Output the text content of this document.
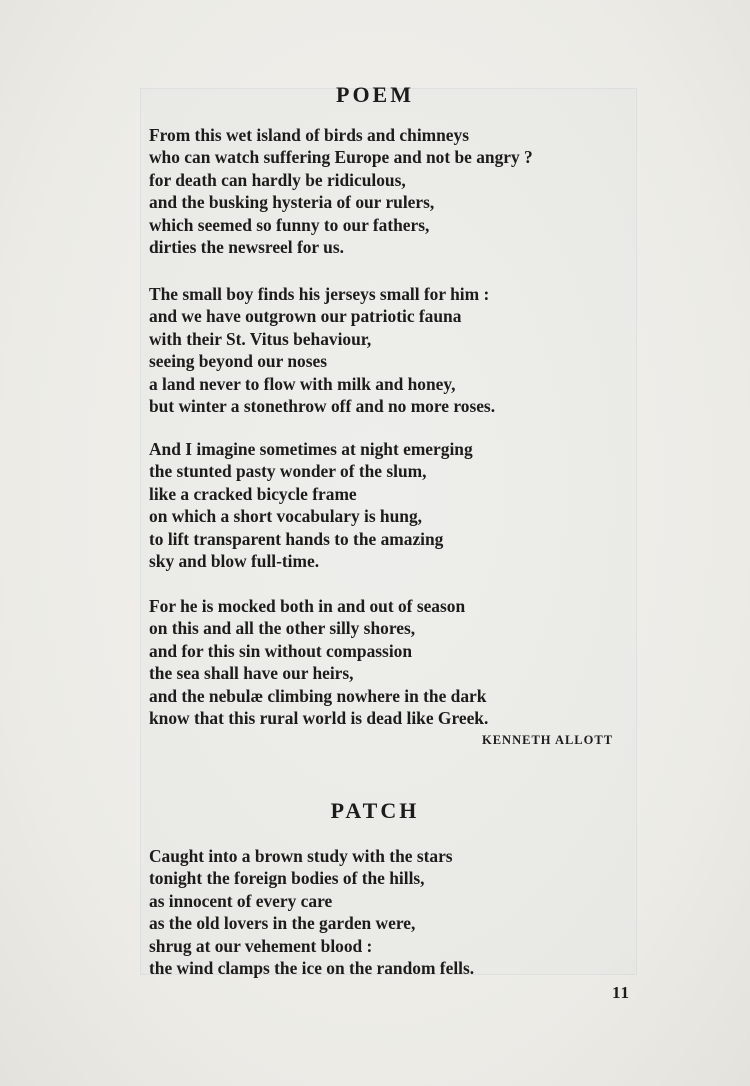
POEM
From this wet island of birds and chimneys
who can watch suffering Europe and not be angry ?
for death can hardly be ridiculous,
and the busking hysteria of our rulers,
which seemed so funny to our fathers,
dirties the newsreel for us.
The small boy finds his jerseys small for him :
and we have outgrown our patriotic fauna
with their St. Vitus behaviour,
seeing beyond our noses
a land never to flow with milk and honey,
but winter a stonethrow off and no more roses.
And I imagine sometimes at night emerging
the stunted pasty wonder of the slum,
like a cracked bicycle frame
on which a short vocabulary is hung,
to lift transparent hands to the amazing
sky and blow full-time.
For he is mocked both in and out of season
on this and all the other silly shores,
and for this sin without compassion
the sea shall have our heirs,
and the nebulæ climbing nowhere in the dark
know that this rural world is dead like Greek.

KENNETH ALLOTT

PATCH
Caught into a brown study with the stars
tonight the foreign bodies of the hills,
as innocent of every care
as the old lovers in the garden were,
shrug at our vehement blood :
the wind clamps the ice on the random fells.
11
